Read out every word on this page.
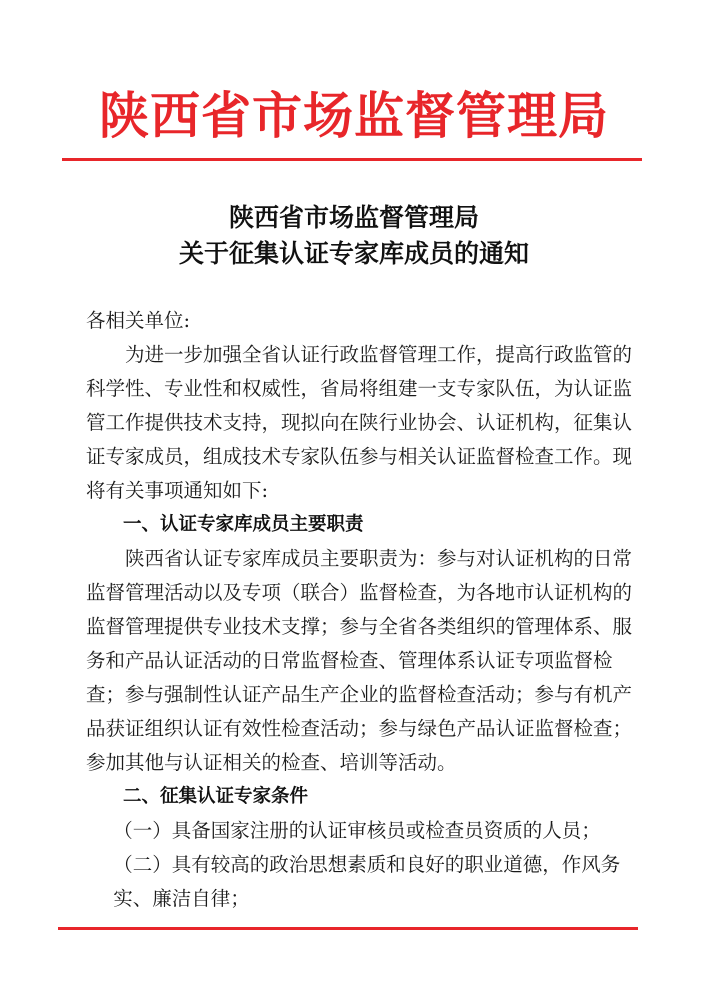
陕西省市场监督管理局
陕西省市场监督管理局
关于征集认证专家库成员的通知

各相关单位:

为进一步加强全省认证行政监督管理工作，提高行政监管的科学性、专业性和权威性，省局将组建一支专家队伍，为认证监管工作提供技术支持，现拟向在陕行业协会、认证机构，征集认证专家成员，组成技术专家队伍参与相关认证监督检查工作。现将有关事项通知如下:

一、认证专家库成员主要职责

陕西省认证专家库成员主要职责为：参与对认证机构的日常监督管理活动以及专项（联合）监督检查，为各地市认证机构的监督管理提供专业技术支撑；参与全省各类组织的管理体系、服务和产品认证活动的日常监督检查、管理体系认证专项监督检查；参与强制性认证产品生产企业的监督检查活动；参与有机产品获证组织认证有效性检查活动；参与绿色产品认证监督检查；参加其他与认证相关的检查、培训等活动。

二、征集认证专家条件

（一）具备国家注册的认证审核员或检查员资质的人员；

（二）具有较高的政治思想素质和良好的职业道德，作风务实、廉洁自律；
